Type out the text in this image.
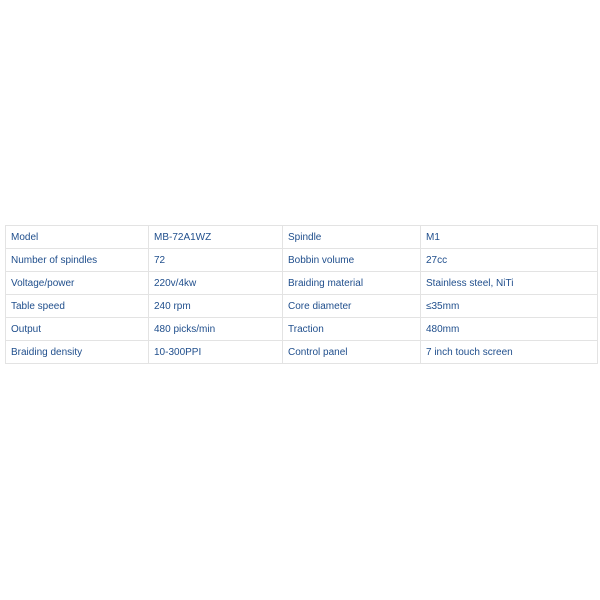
Model	MB-72A1WZ	Spindle	M1
Number of spindles	72	Bobbin volume	27cc
Voltage/power	220v/4kw	Braiding material	Stainless steel, NiTi
Table speed	240 rpm	Core diameter	≤35mm
Output	480 picks/min	Traction	480mm
Braiding density	10-300PPI	Control panel	7 inch touch screen
